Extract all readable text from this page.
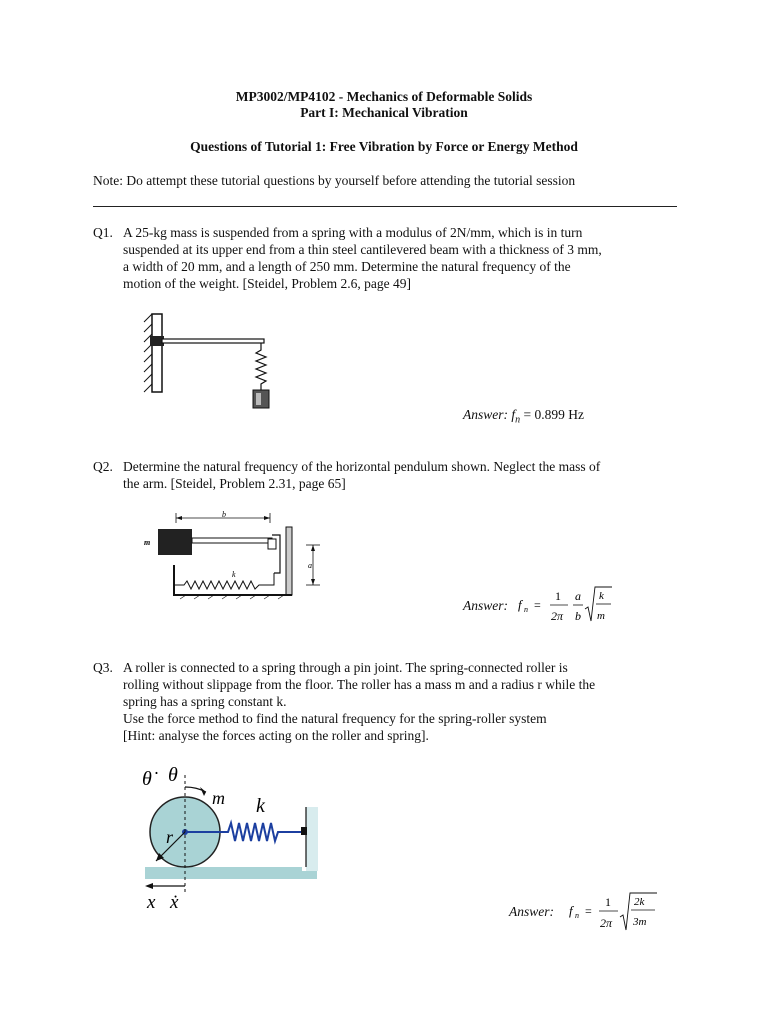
MP3002/MP4102 - Mechanics of Deformable Solids
Part I: Mechanical Vibration
Questions of Tutorial 1: Free Vibration by Force or Energy Method
Note: Do attempt these tutorial questions by yourself before attending the tutorial session
Q1. A 25-kg mass is suspended from a spring with a modulus of 2N/mm, which is in turn
suspended at its upper end from a thin steel cantilevered beam with a thickness of 3 mm,
a width of 20 mm, and a length of 250 mm. Determine the natural frequency of the
motion of the weight. [Steidel, Problem 2.6, page 49]
Answer: $f_n = 0.899$ Hz
Q2. Determine the natural frequency of the horizontal pendulum shown. Neglect the mass of
the arm. [Steidel, Problem 2.31, page 65]
b
m
k
a
Answer: f n =
1
2π
a
b
k
m
Q3. A roller is connected to a spring through a pin joint. The spring-connected roller is
rolling without slippage from the floor. The roller has a mass m and a radius r while the
spring has a spring constant k.
Use the force method to find the natural frequency for the spring-roller system
[Hint: analyse the forces acting on the roller and spring].
θ̇ θ
m k
r
x ẋ	Answer: f n =
1
2π
2k
3m
